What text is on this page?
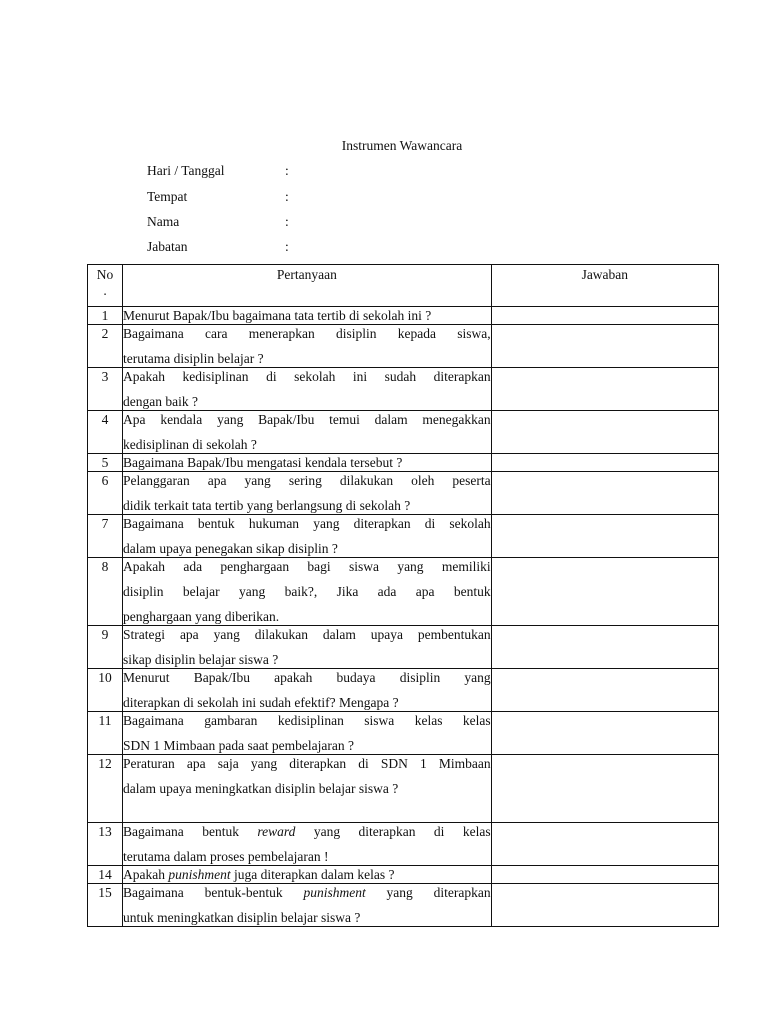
Instrumen Wawancara
Hari / Tanggal	:
Tempat	:
Nama	:
Jabatan	:
No
.	Pertanyaan	Jawaban
1	Menurut Bapak/Ibu bagaimana tata tertib di sekolah ini ?	

2	Bagaimana cara menerapkan disiplin kepada siswa,
terutama disiplin belajar ?	

3	Apakah kedisiplinan di sekolah ini sudah diterapkan
dengan baik ?	

4	Apa kendala yang Bapak/Ibu temui dalam menegakkan
kedisiplinan di sekolah ?	

5	Bagaimana Bapak/Ibu mengatasi kendala tersebut ?	

6	Pelanggaran apa yang sering dilakukan oleh peserta
didik terkait tata tertib yang berlangsung di sekolah ?	

7	Bagaimana bentuk hukuman yang diterapkan di sekolah
dalam upaya penegakan sikap disiplin ?	

8	Apakah ada penghargaan bagi siswa yang memiliki
disiplin belajar yang baik?, Jika ada apa bentuk
penghargaan yang diberikan.	

9	Strategi apa yang dilakukan dalam upaya pembentukan
sikap disiplin belajar siswa ?	

10	Menurut Bapak/Ibu apakah budaya disiplin yang
diterapkan di sekolah ini sudah efektif? Mengapa ?	

11	Bagaimana gambaran kedisiplinan siswa kelas kelas
SDN 1 Mimbaan pada saat pembelajaran ?	

12	Peraturan apa saja yang diterapkan di SDN 1 Mimbaan
dalam upaya meningkatkan disiplin belajar siswa ?	

13	Bagaimana bentuk reward yang diterapkan di kelas
terutama dalam proses pembelajaran !	

14	Apakah punishment juga diterapkan dalam kelas ?	

15	Bagaimana bentuk-bentuk punishment yang diterapkan
untuk meningkatkan disiplin belajar siswa ?	
